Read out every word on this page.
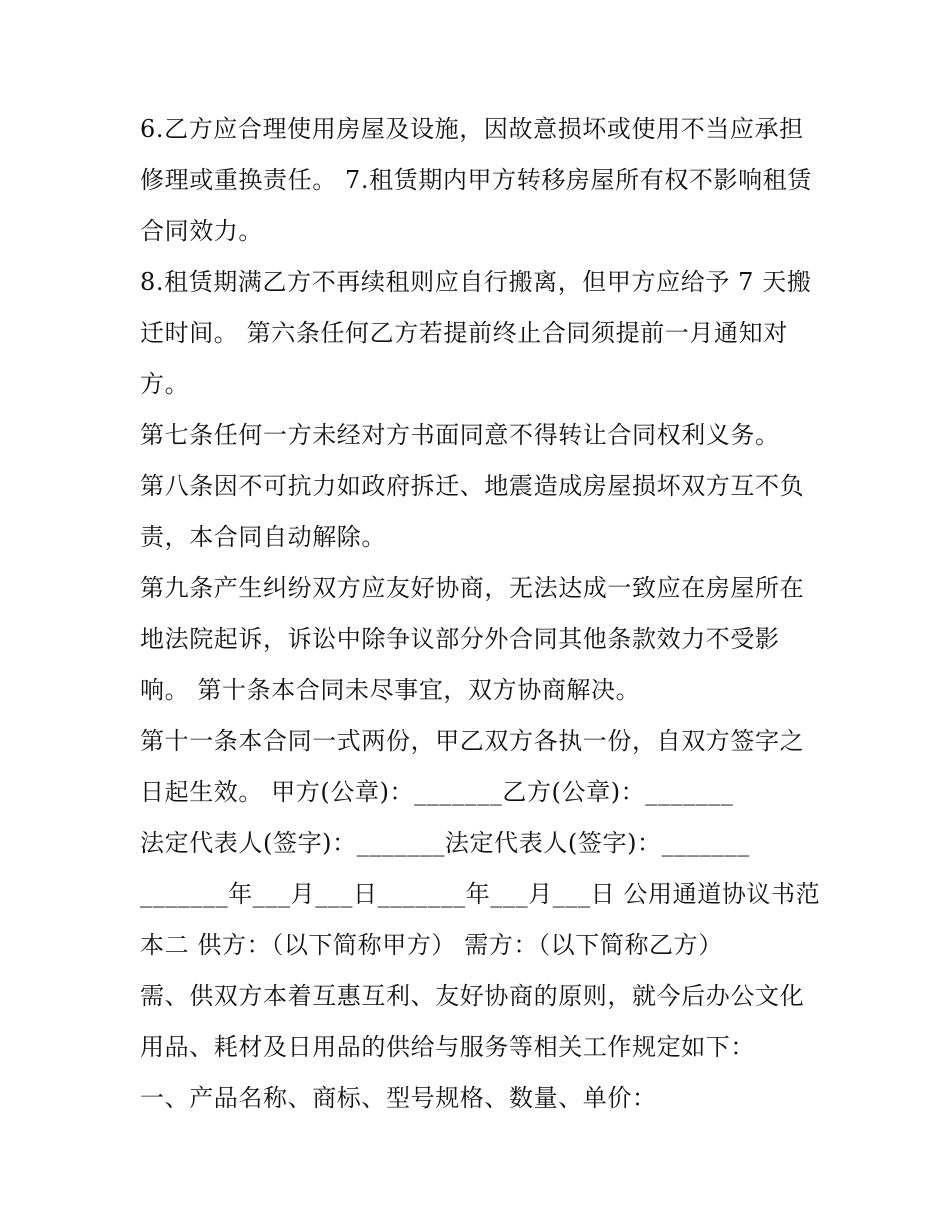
6.乙方应合理使用房屋及设施，因故意损坏或使用不当应承担
修理或重换责任。 7.租赁期内甲方转移房屋所有权不影响租赁
合同效力。
8.租赁期满乙方不再续租则应自行搬离，但甲方应给予 7 天搬
迁时间。 第六条任何乙方若提前终止合同须提前一月通知对
方。
第七条任何一方未经对方书面同意不得转让合同权利义务。
第八条因不可抗力如政府拆迁、地震造成房屋损坏双方互不负
责，本合同自动解除。
第九条产生纠纷双方应友好协商，无法达成一致应在房屋所在
地法院起诉，诉讼中除争议部分外合同其他条款效力不受影
响。 第十条本合同未尽事宜，双方协商解决。
第十一条本合同一式两份，甲乙双方各执一份，自双方签字之
日起生效。 甲方(公章)：_______乙方(公章)：_______
法定代表人(签字)：_______法定代表人(签字)：_______
_______年___月___日_______年___月___日 公用通道协议书范
本二 供方：（以下简称甲方） 需方：（以下简称乙方）
需、供双方本着互惠互利、友好协商的原则，就今后办公文化
用品、耗材及日用品的供给与服务等相关工作规定如下：
一、产品名称、商标、型号规格、数量、单价：
